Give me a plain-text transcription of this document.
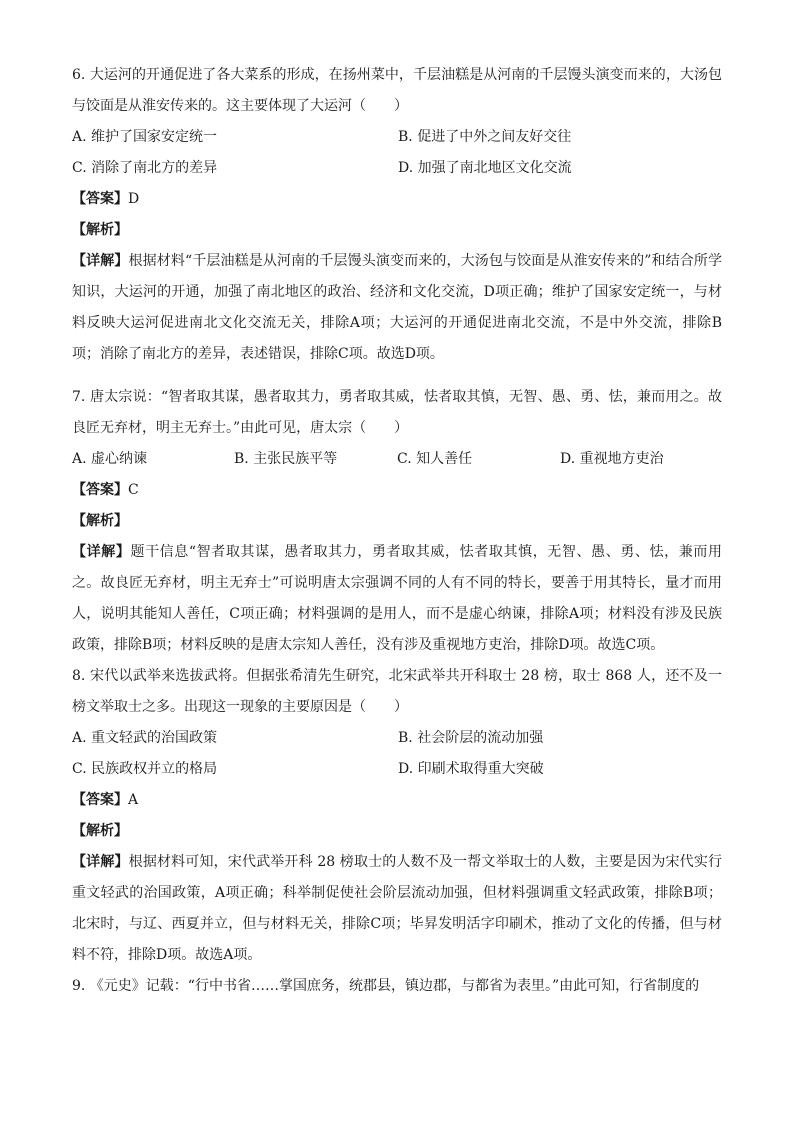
6. 大运河的开通促进了各大菜系的形成，在扬州菜中，千层油糕是从河南的千层馒头演变而来的，大汤包与饺面是从淮安传来的。这主要体现了大运河（　　）

A. 维护了国家安定统一	B. 促进了中外之间友好交往
C. 消除了南北方的差异	D. 加强了南北地区文化交流
【答案】D
【解析】

【详解】根据材料“千层油糕是从河南的千层馒头演变而来的，大汤包与饺面是从淮安传来的”和结合所学知识，大运河的开通，加强了南北地区的政治、经济和文化交流，D项正确；维护了国家安定统一，与材料反映大运河促进南北文化交流无关，排除A项；大运河的开通促进南北交流，不是中外交流，排除B项；消除了南北方的差异，表述错误，排除C项。故选D项。

7. 唐太宗说：“智者取其谋，愚者取其力，勇者取其威，怯者取其慎，无智、愚、勇、怯，兼而用之。故良匠无弃材，明主无弃士。”由此可见，唐太宗（　　）

A. 虚心纳谏	B. 主张民族平等	C. 知人善任	D. 重视地方吏治
【答案】C
【解析】

【详解】题干信息“智者取其谋，愚者取其力，勇者取其威，怯者取其慎，无智、愚、勇、怯，兼而用之。故良匠无弃材，明主无弃士”可说明唐太宗强调不同的人有不同的特长，要善于用其特长，量才而用人，说明其能知人善任，C项正确；材料强调的是用人，而不是虚心纳谏，排除A项；材料没有涉及民族政策，排除B项；材料反映的是唐太宗知人善任，没有涉及重视地方吏治，排除D项。故选C项。

8. 宋代以武举来选拔武将。但据张希清先生研究，北宋武举共开科取士 28 榜，取士 868 人，还不及一榜文举取士之多。出现这一现象的主要原因是（　　）

A. 重文轻武的治国政策	B. 社会阶层的流动加强
C. 民族政权并立的格局	D. 印刷术取得重大突破
【答案】A
【解析】

【详解】根据材料可知，宋代武举开科 28 榜取士的人数不及一帮文举取士的人数，主要是因为宋代实行重文轻武的治国政策，A项正确；科举制促使社会阶层流动加强，但材料强调重文轻武政策，排除B项；北宋时，与辽、西夏并立，但与材料无关，排除C项；毕昇发明活字印刷术，推动了文化的传播，但与材料不符，排除D项。故选A项。

9. 《元史》记载：“行中书省……掌国庶务，统郡县，镇边郡，与都省为表里。”由此可知，行省制度的
